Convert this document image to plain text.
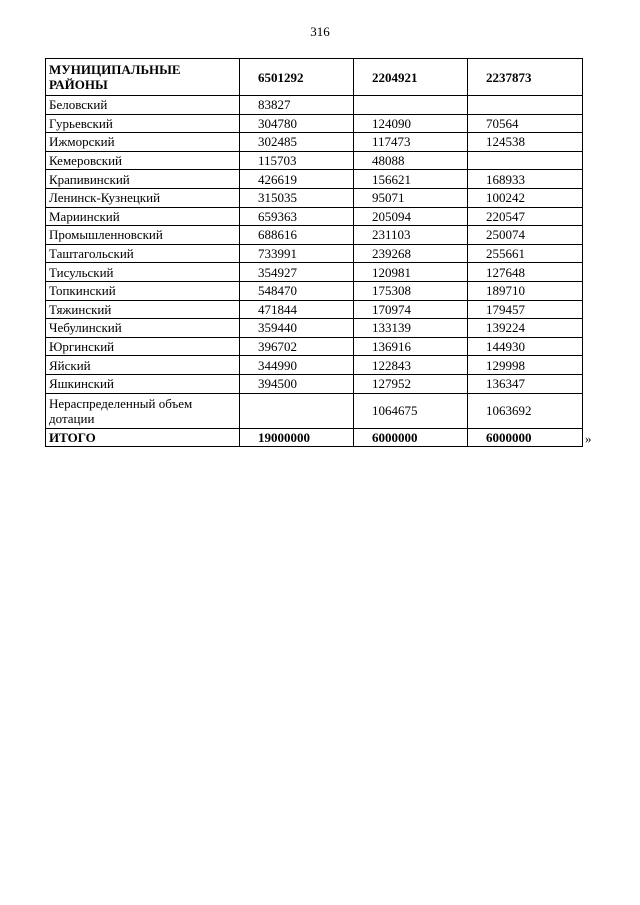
316
МУНИЦИПАЛЬНЫЕ РАЙОНЫ	6501292	2204921	2237873
Беловский	83827		
Гурьевский	304780	124090	70564
Ижморский	302485	117473	124538
Кемеровский	115703	48088	
Крапивинский	426619	156621	168933
Ленинск-Кузнецкий	315035	95071	100242
Мариинский	659363	205094	220547
Промышленновский	688616	231103	250074
Таштагольский	733991	239268	255661
Тисульский	354927	120981	127648
Топкинский	548470	175308	189710
Тяжинский	471844	170974	179457
Чебулинский	359440	133139	139224
Юргинский	396702	136916	144930
Яйский	344990	122843	129998
Яшкинский	394500	127952	136347
Нераспределенный объем дотации		1064675	1063692
ИТОГО	19000000	6000000	6000000	»
